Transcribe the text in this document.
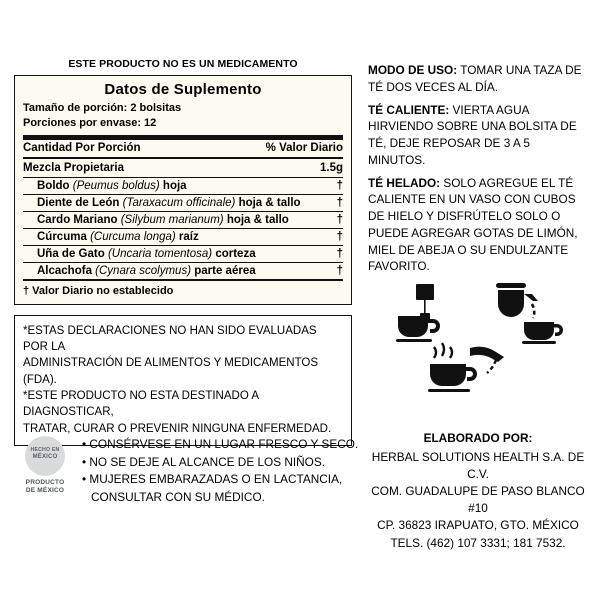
ESTE PRODUCTO NO ES UN MEDICAMENTO
Datos de Suplemento
Tamaño de porción: 2 bolsitas
Porciones por envase: 12
Cantidad Por Porción	% Valor Diario
Mezcla Propietaria	1.5g
Boldo (Peumus boldus) hoja	†
Diente de León (Taraxacum officinale) hoja & tallo	†
Cardo Mariano (Silybum marianum) hoja & tallo	†
Cúrcuma (Curcuma longa) raíz	†
Uña de Gato (Uncaria tomentosa) corteza	†
Alcachofa (Cynara scolymus) parte aérea	†
† Valor Diario no establecido
*ESTAS DECLARACIONES NO HAN SIDO EVALUADAS POR LA
ADMINISTRACIÓN DE ALIMENTOS Y MEDICAMENTOS (FDA).
*ESTE PRODUCTO NO ESTA DESTINADO A DIAGNOSTICAR,
TRATAR, CURAR O PREVENIR NINGUNA ENFERMEDAD.
HECHO EN
MÉXICO
PRODUCTO
DE MÉXICO
• CONSÉRVESE EN UN LUGAR FRESCO Y SECO.
• NO SE DEJE AL ALCANCE DE LOS NIÑOS.
• MUJERES EMBARAZADAS O EN LACTANCIA,
CONSULTAR CON SU MÉDICO.

MODO DE USO: TOMAR UNA TAZA DE TÉ DOS VECES AL DÍA.

TÉ CALIENTE: VIERTA AGUA HIRVIENDO SOBRE UNA BOLSITA DE TÉ, DEJE REPOSAR DE 3 A 5 MINUTOS.

TÉ HELADO: SOLO AGREGUE EL TÉ CALIENTE EN UN VASO CON CUBOS DE HIELO Y DISFRÚTELO SOLO O PUEDE AGREGAR GOTAS DE LIMÓN, MIEL DE ABEJA O SU ENDULZANTE FAVORITO.

ELABORADO POR:
HERBAL SOLUTIONS HEALTH S.A. DE C.V.
COM. GUADALUPE DE PASO BLANCO #10
CP. 36823 IRAPUATO, GTO. MÉXICO
TELS. (462) 107 3331; 181 7532.
